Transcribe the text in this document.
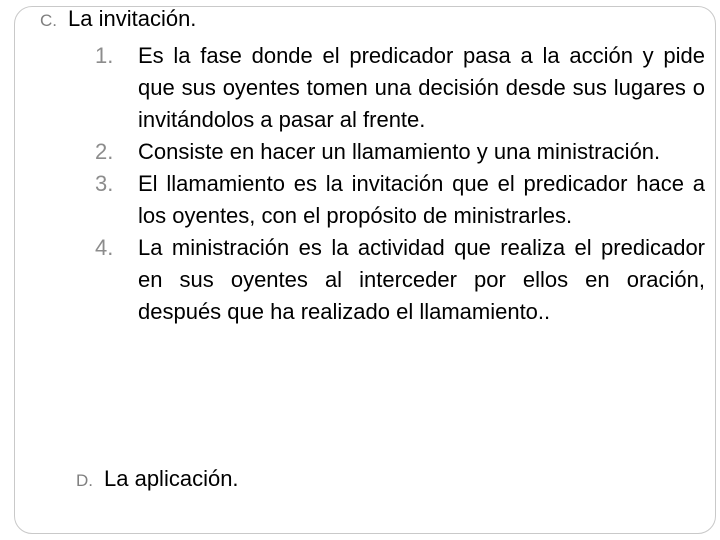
C. La invitación.
1.	Es la fase donde el predicador pasa a la acción y pide que sus oyentes tomen una decisión desde sus lugares o invitándolos a pasar al frente.
2.	Consiste en hacer un llamamiento y una ministración.
3.	El llamamiento es la invitación que el predicador hace a los oyentes, con el propósito de ministrarles.
4.	La ministración es la actividad que realiza el predicador en sus oyentes al interceder por ellos en oración, después que ha realizado el llamamiento..
D. La aplicación.
